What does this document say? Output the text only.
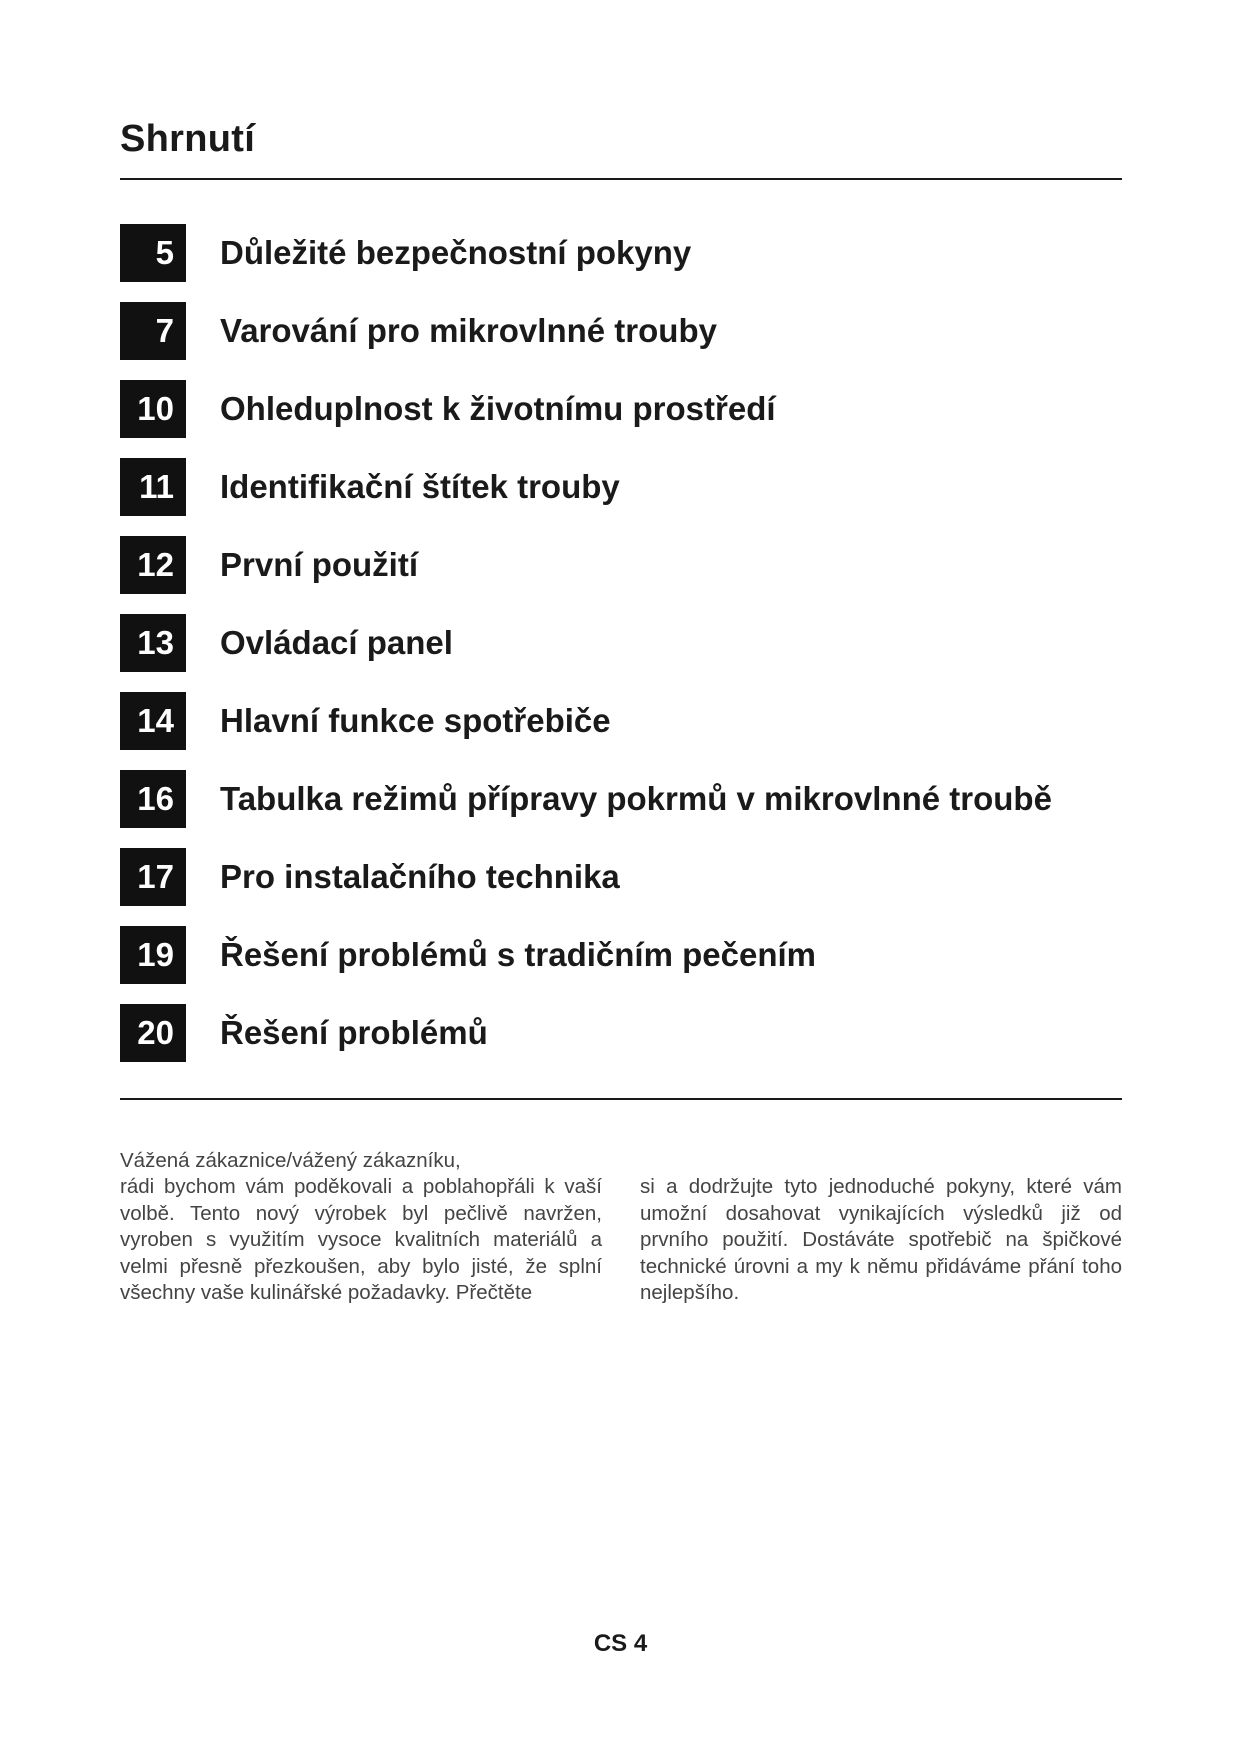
Shrnutí
5	Důležité bezpečnostní pokyny
7	Varování pro mikrovlnné trouby
10	Ohleduplnost k životnímu prostředí
11	Identifikační štítek trouby
12	První použití
13	Ovládací panel
14	Hlavní funkce spotřebiče
16	Tabulka režimů přípravy pokrmů v mikrovlnné troubě
17	Pro instalačního technika
19	Řešení problémů s tradičním pečením
20	Řešení problémů

Vážená zákaznice/vážený zákazníku,

rádi bychom vám poděkovali a poblahopřáli k vaší volbě. Tento nový výrobek byl pečlivě navržen, vyroben s využitím vysoce kvalitních materiálů a velmi přesně přezkoušen, aby bylo jisté, že splní všechny vaše kulinářské požadavky. Přečtěte

si a dodržujte tyto jednoduché pokyny, které vám umožní dosahovat vynikajících výsledků již od prvního použití. Dostáváte spotřebič na špičkové technické úrovni a my k němu přidáváme přání toho nejlepšího.

CS 4
